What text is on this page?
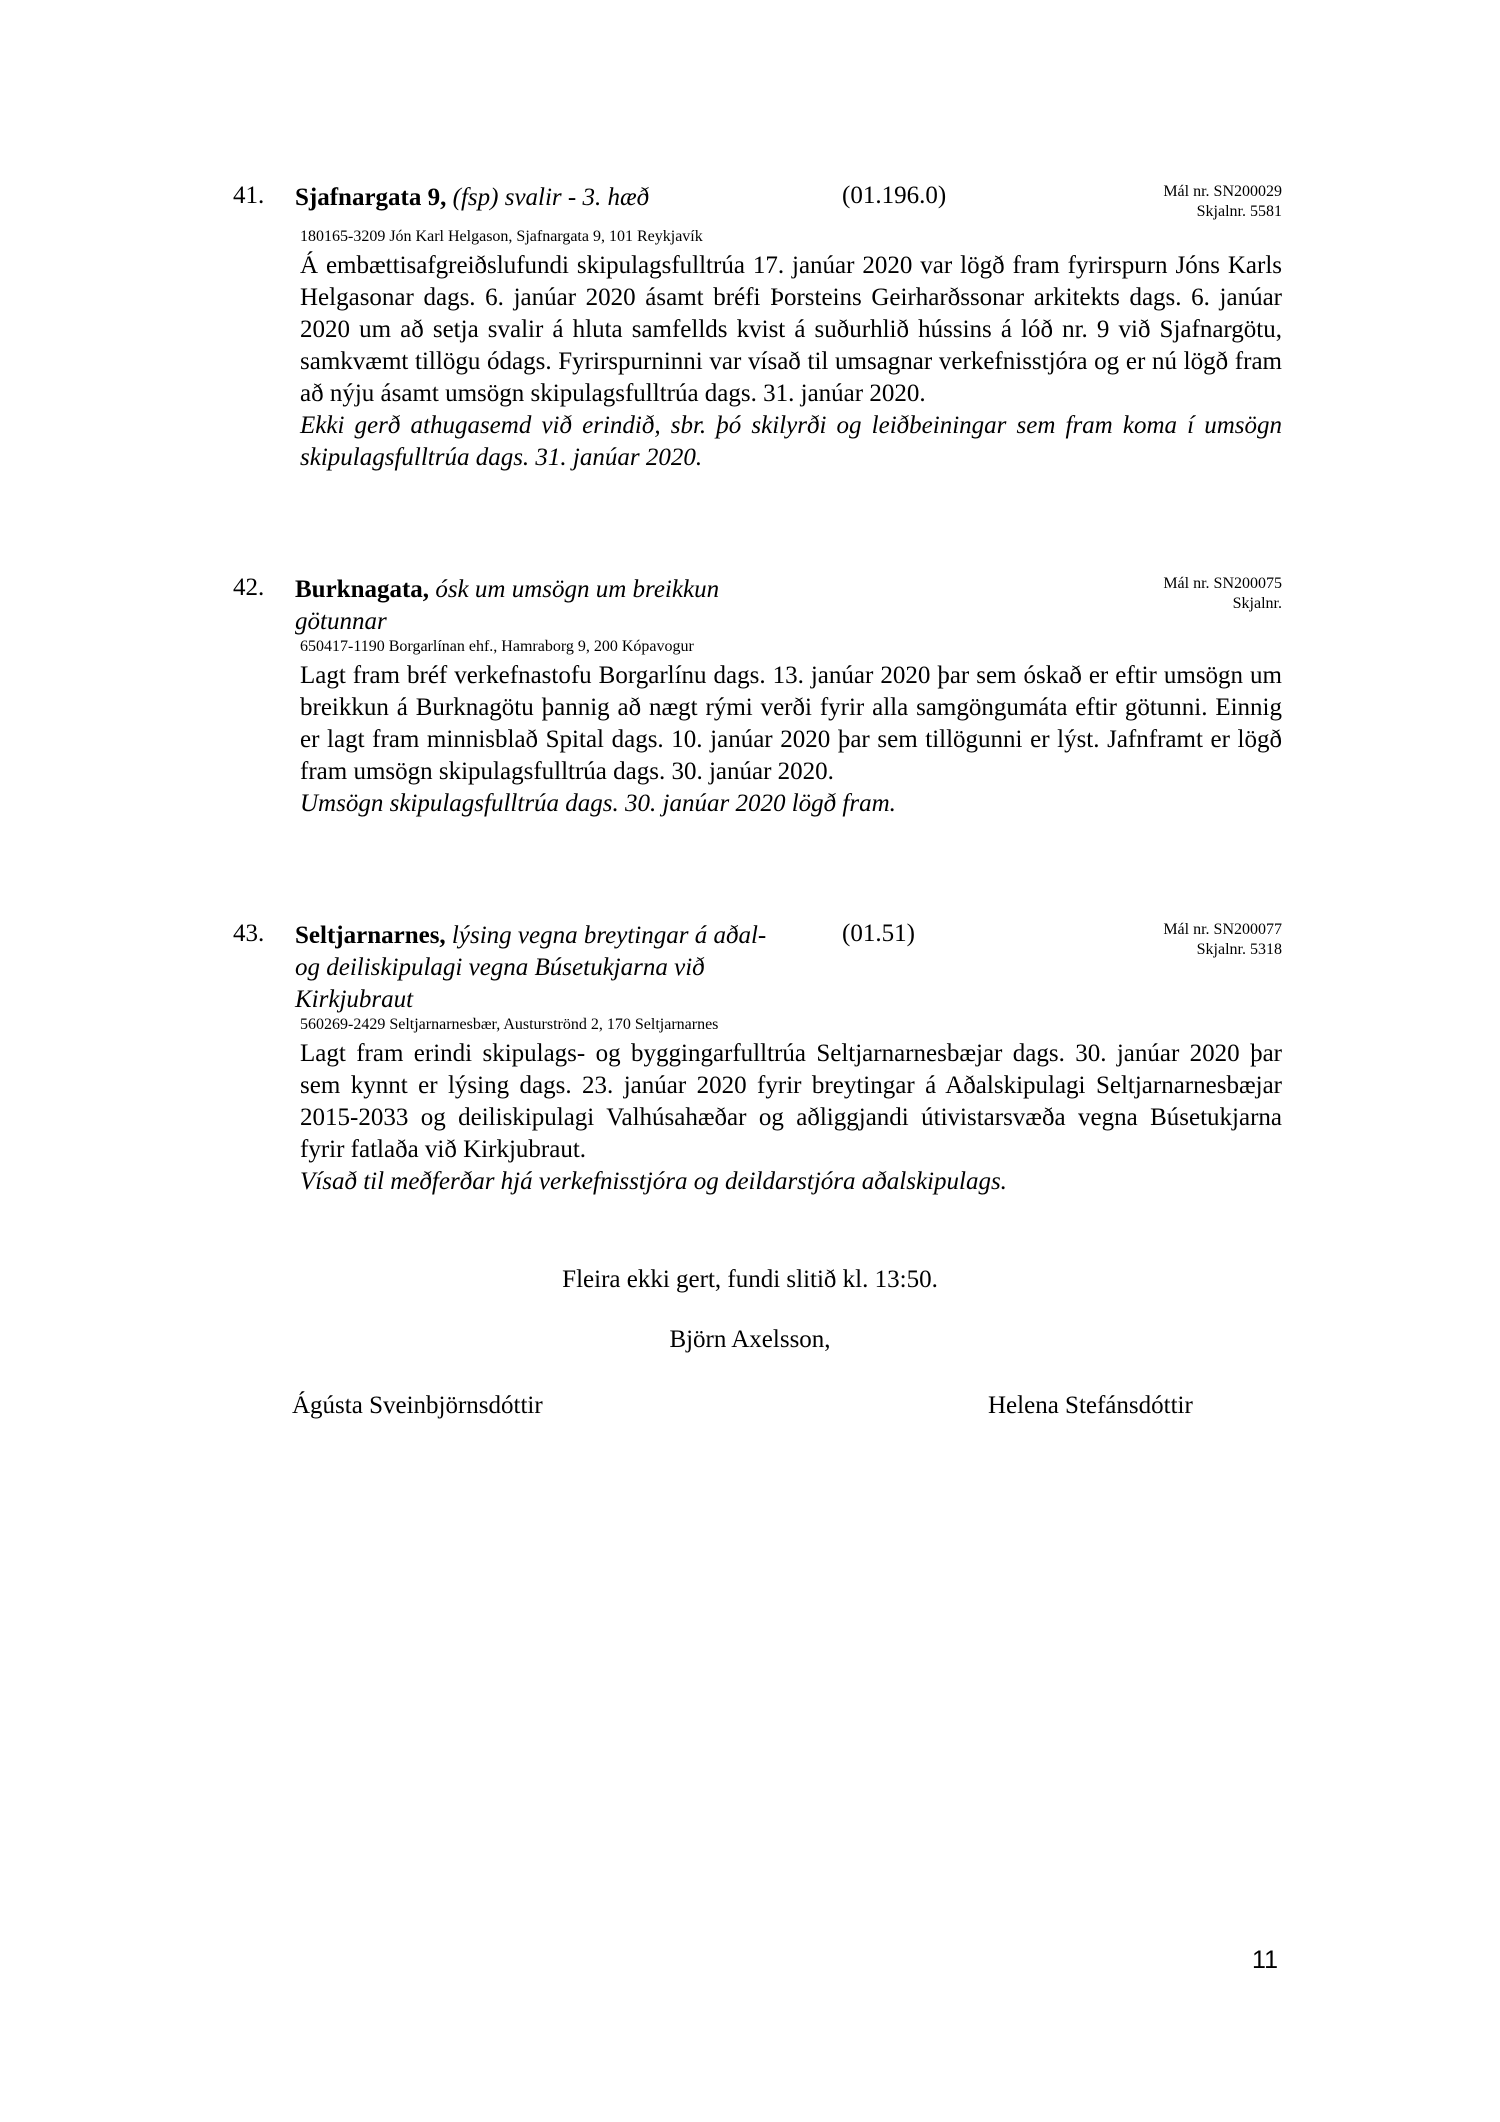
41. Sjafnargata 9, (fsp) svalir - 3. hæð	(01.196.0)	Mál nr. SN200029
Skjalnr. 5581
180165-3209 Jón Karl Helgason, Sjafnargata 9, 101 Reykjavík

Á embættisafgreiðslufundi skipulagsfulltrúa 17. janúar 2020 var lögð fram fyrirspurn Jóns Karls Helgasonar dags. 6. janúar 2020 ásamt bréfi Þorsteins Geirharðssonar arkitekts dags. 6. janúar 2020 um að setja svalir á hluta samfellds kvist á suðurhlið hússins á lóð nr. 9 við Sjafnargötu, samkvæmt tillögu ódags. Fyrirspurninni var vísað til umsagnar verkefnisstjóra og er nú lögð fram að nýju ásamt umsögn skipulagsfulltrúa dags. 31. janúar 2020.

Ekki gerð athugasemd við erindið, sbr. þó skilyrði og leiðbeiningar sem fram koma í umsögn skipulagsfulltrúa dags. 31. janúar 2020.

42. Burknagata, ósk um umsögn um breikkun götunnar
Mál nr. SN200075
Skjalnr.
650417-1190 Borgarlínan ehf., Hamraborg 9, 200 Kópavogur

Lagt fram bréf verkefnastofu Borgarlínu dags. 13. janúar 2020 þar sem óskað er eftir umsögn um breikkun á Burknagötu þannig að nægt rými verði fyrir alla samgöngumáta eftir götunni. Einnig er lagt fram minnisblað Spital dags. 10. janúar 2020 þar sem tillögunni er lýst. Jafnframt er lögð fram umsögn skipulagsfulltrúa dags. 30. janúar 2020.

Umsögn skipulagsfulltrúa dags. 30. janúar 2020 lögð fram.

43. Seltjarnarnes, lýsing vegna breytingar á aðal- og deiliskipulagi vegna Búsetukjarna við Kirkjubraut
(01.51)	Mál nr. SN200077
Skjalnr. 5318
560269-2429 Seltjarnarnesbær, Austurströnd 2, 170 Seltjarnarnes

Lagt fram erindi skipulags- og byggingarfulltrúa Seltjarnarnesbæjar dags. 30. janúar 2020 þar sem kynnt er lýsing dags. 23. janúar 2020 fyrir breytingar á Aðalskipulagi Seltjarnarnesbæjar 2015-2033 og deiliskipulagi Valhúsahæðar og aðliggjandi útivistarsvæða vegna Búsetukjarna fyrir fatlaða við Kirkjubraut.

Vísað til meðferðar hjá verkefnisstjóra og deildarstjóra aðalskipulags.

Fleira ekki gert, fundi slitið kl. 13:50.
Björn Axelsson,
Ágústa Sveinbjörnsdóttir	Helena Stefánsdóttir
11
